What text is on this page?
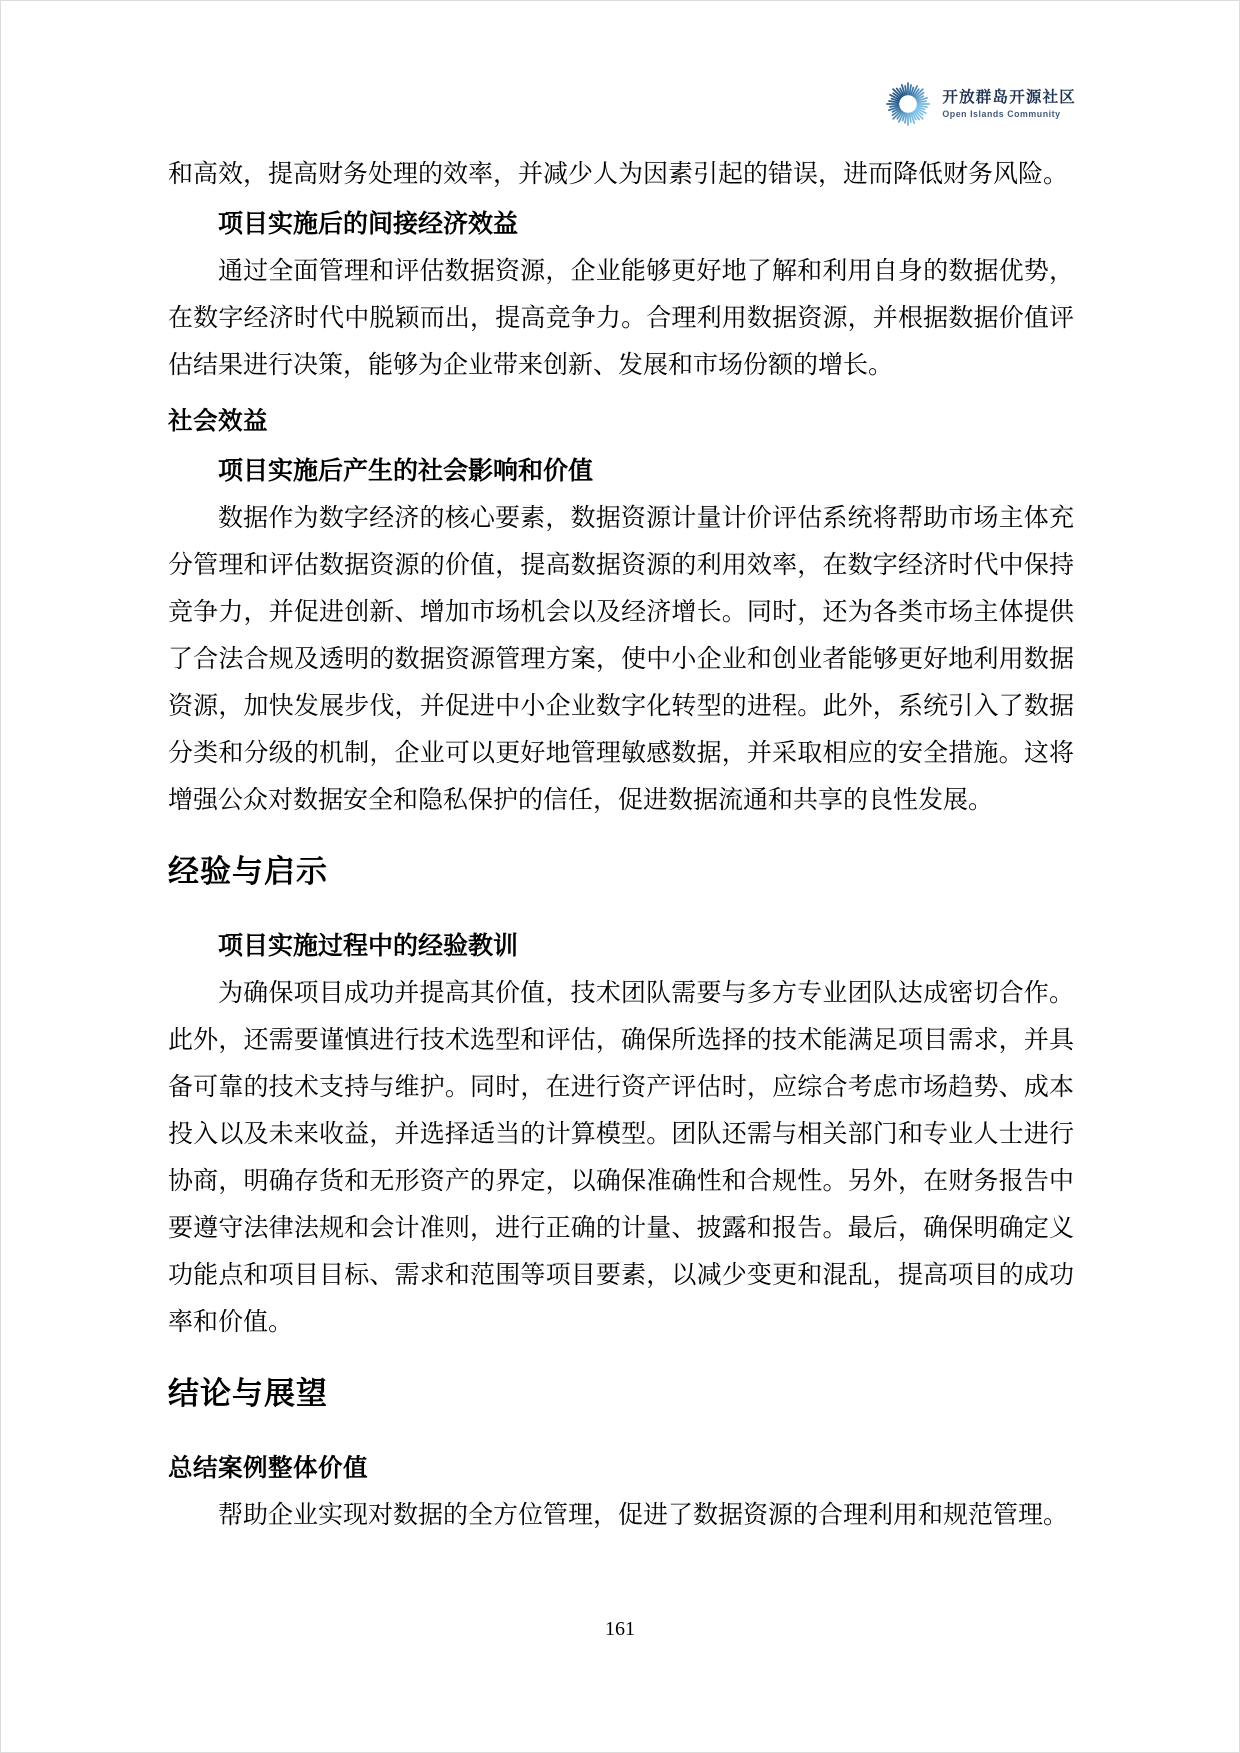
开放群岛开源社区
Open Islands Community

和高效，提高财务处理的效率，并减少人为因素引起的错误，进而降低财务风险。

项目实施后的间接经济效益

通过全面管理和评估数据资源，企业能够更好地了解和利用自身的数据优势，在数字经济时代中脱颖而出，提高竞争力。合理利用数据资源，并根据数据价值评估结果进行决策，能够为企业带来创新、发展和市场份额的增长。

社会效益
项目实施后产生的社会影响和价值

数据作为数字经济的核心要素，数据资源计量计价评估系统将帮助市场主体充分管理和评估数据资源的价值，提高数据资源的利用效率，在数字经济时代中保持竞争力，并促进创新、增加市场机会以及经济增长。同时，还为各类市场主体提供了合法合规及透明的数据资源管理方案，使中小企业和创业者能够更好地利用数据资源，加快发展步伐，并促进中小企业数字化转型的进程。此外，系统引入了数据分类和分级的机制，企业可以更好地管理敏感数据，并采取相应的安全措施。这将增强公众对数据安全和隐私保护的信任，促进数据流通和共享的良性发展。

经验与启示
项目实施过程中的经验教训

为确保项目成功并提高其价值，技术团队需要与多方专业团队达成密切合作。此外，还需要谨慎进行技术选型和评估，确保所选择的技术能满足项目需求，并具备可靠的技术支持与维护。同时，在进行资产评估时，应综合考虑市场趋势、成本投入以及未来收益，并选择适当的计算模型。团队还需与相关部门和专业人士进行协商，明确存货和无形资产的界定，以确保准确性和合规性。另外，在财务报告中要遵守法律法规和会计准则，进行正确的计量、披露和报告。最后，确保明确定义功能点和项目目标、需求和范围等项目要素，以减少变更和混乱，提高项目的成功率和价值。

结论与展望
总结案例整体价值

帮助企业实现对数据的全方位管理，促进了数据资源的合理利用和规范管理。

161
